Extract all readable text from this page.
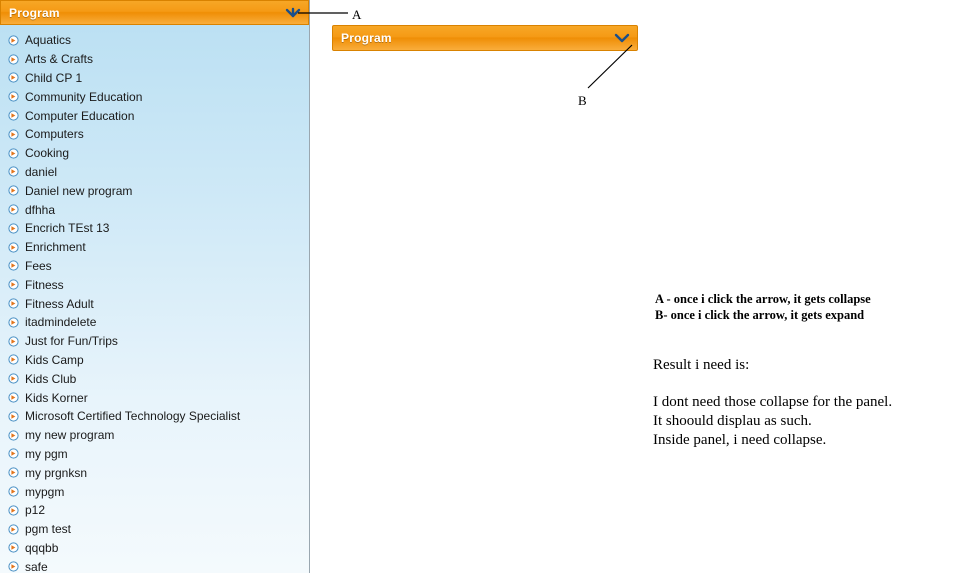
Program
Aquatics
Arts & Crafts
Child CP 1
Community Education
Computer Education
Computers
Cooking
daniel
Daniel new program
dfhha
Encrich TEst 13
Enrichment
Fees
Fitness
Fitness Adult
itadmindelete
Just for Fun/Trips
Kids Camp
Kids Club
Kids Korner
Microsoft Certified Technology Specialist
my new program
my pgm
my prgnksn
mypgm
p12
pgm test
qqqbb
safe
Program
A - once i click the arrow, it gets collapse
B- once i click the arrow, it gets expand
Result i need is:
I dont need those collapse for the panel.
It shoould displau as such.
Inside panel, i need collapse.
A
B
